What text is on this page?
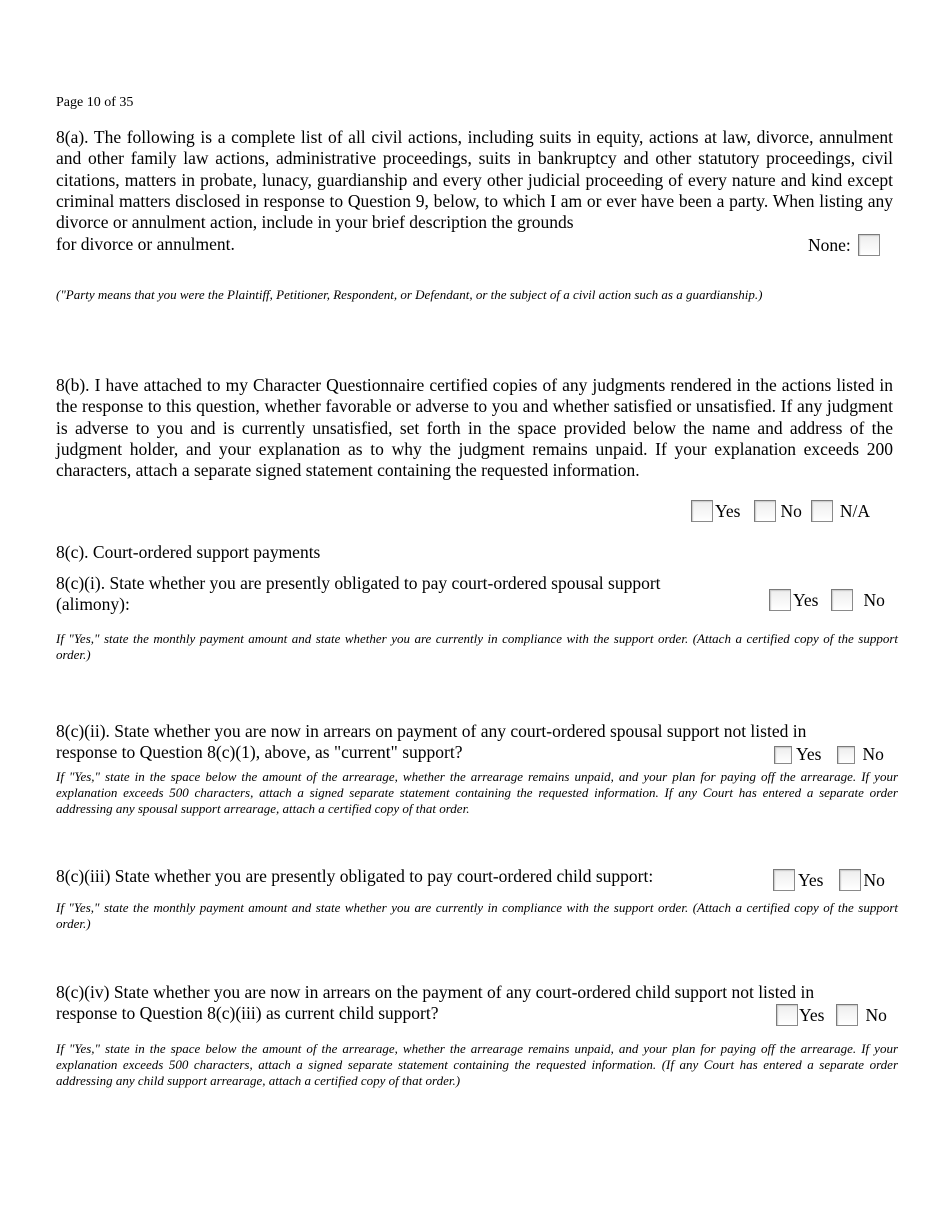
Page 10 of 35
8(a). The following is a complete list of all civil actions, including suits in equity, actions at law, divorce, annulment and other family law actions, administrative proceedings, suits in bankruptcy and other statutory proceedings, civil citations, matters in probate, lunacy, guardianship and every other judicial proceeding of every nature and kind except criminal matters disclosed in response to Question 9, below, to which I am or ever have been a party. When listing any divorce or annulment action, include in your brief description the grounds
for divorce or annulment.	None:
("Party means that you were the Plaintiff, Petitioner, Respondent, or Defendant, or the subject of a civil action such as a guardianship.)
8(b). I have attached to my Character Questionnaire certified copies of any judgments rendered in the actions listed in the response to this question, whether favorable or adverse to you and whether satisfied or unsatisfied. If any judgment is adverse to you and is currently unsatisfied, set forth in the space provided below the name and address of the judgment holder, and your explanation as to why the judgment remains unpaid. If your explanation exceeds 200 characters, attach a separate signed statement containing the requested information.
Yes No N/A
8(c). Court-ordered support payments
8(c)(i). State whether you are presently obligated to pay court-ordered spousal support
(alimony):	Yes	No
If "Yes," state the monthly payment amount and state whether you are currently in compliance with the support order. (Attach a certified copy of the support order.)
8(c)(ii). State whether you are now in arrears on payment of any court-ordered spousal support not listed in
response to Question 8(c)(1), above, as "current" support?	Yes No
If "Yes," state in the space below the amount of the arrearage, whether the arrearage remains unpaid, and your plan for paying off the arrearage. If your explanation exceeds 500 characters, attach a signed separate statement containing the requested information. If any Court has entered a separate order addressing any spousal support arrearage, attach a certified copy of that order.
8(c)(iii) State whether you are presently obligated to pay court-ordered child support:	Yes No
If "Yes," state the monthly payment amount and state whether you are currently in compliance with the support order. (Attach a certified copy of the support order.)
8(c)(iv) State whether you are now in arrears on the payment of any court-ordered child support not listed in
response to Question 8(c)(iii) as current child support?	Yes No
If "Yes," state in the space below the amount of the arrearage, whether the arrearage remains unpaid, and your plan for paying off the arrearage. If your explanation exceeds 500 characters, attach a signed separate statement containing the requested information. (If any Court has entered a separate order addressing any child support arrearage, attach a certified copy of that order.)
